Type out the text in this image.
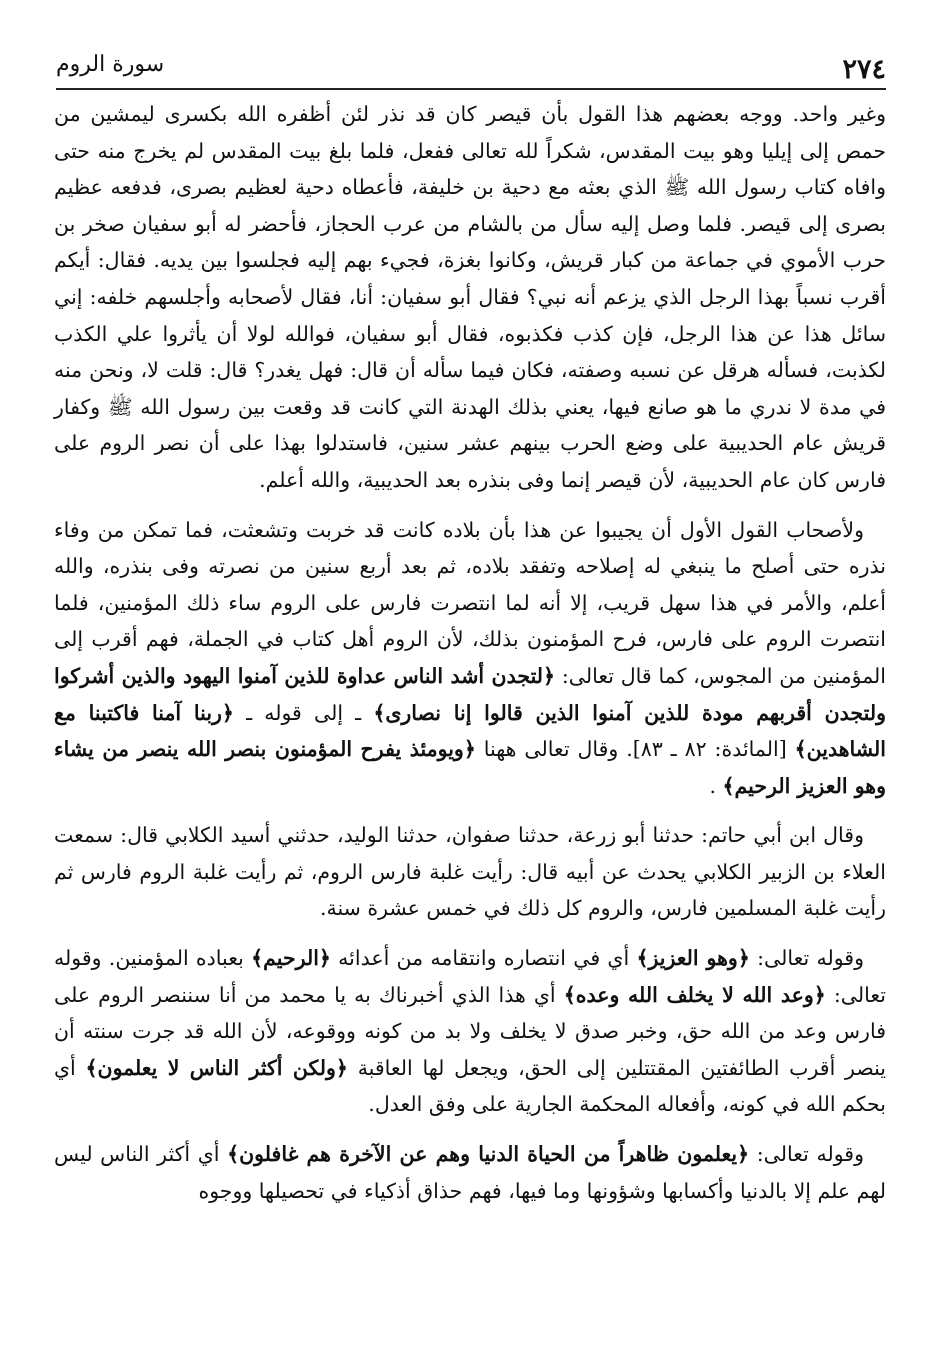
٢٧٤
سورة الروم

وغير واحد. ووجه بعضهم هذا القول بأن قيصر كان قد نذر لئن أظفره الله بكسرى ليمشين من حمص إلى إيليا وهو بيت المقدس، شكراً لله تعالى ففعل، فلما بلغ بيت المقدس لم يخرج منه حتى وافاه كتاب رسول الله ﷺ الذي بعثه مع دحية بن خليفة، فأعطاه دحية لعظيم بصرى، فدفعه عظيم بصرى إلى قيصر. فلما وصل إليه سأل من بالشام من عرب الحجاز، فأحضر له أبو سفيان صخر بن حرب الأموي في جماعة من كبار قريش، وكانوا بغزة، فجيء بهم إليه فجلسوا بين يديه. فقال: أيكم أقرب نسباً بهذا الرجل الذي يزعم أنه نبي؟ فقال أبو سفيان: أنا، فقال لأصحابه وأجلسهم خلفه: إني سائل هذا عن هذا الرجل، فإن كذب فكذبوه، فقال أبو سفيان، فوالله لولا أن يأثروا علي الكذب لكذبت، فسأله هرقل عن نسبه وصفته، فكان فيما سأله أن قال: فهل يغدر؟ قال: قلت لا، ونحن منه في مدة لا ندري ما هو صانع فيها، يعني بذلك الهدنة التي كانت قد وقعت بين رسول الله ﷺ وكفار قريش عام الحديبية على وضع الحرب بينهم عشر سنين، فاستدلوا بهذا على أن نصر الروم على فارس كان عام الحديبية، لأن قيصر إنما وفى بنذره بعد الحديبية، والله أعلم.

ولأصحاب القول الأول أن يجيبوا عن هذا بأن بلاده كانت قد خربت وتشعثت، فما تمكن من وفاء نذره حتى أصلح ما ينبغي له إصلاحه وتفقد بلاده، ثم بعد أربع سنين من نصرته وفى بنذره، والله أعلم، والأمر في هذا سهل قريب، إلا أنه لما انتصرت فارس على الروم ساء ذلك المؤمنين، فلما انتصرت الروم على فارس، فرح المؤمنون بذلك، لأن الروم أهل كتاب في الجملة، فهم أقرب إلى المؤمنين من المجوس، كما قال تعالى: ﴿لتجدن أشد الناس عداوة للذين آمنوا اليهود والذين أشركوا ولتجدن أقربهم مودة للذين آمنوا الذين قالوا إنا نصارى﴾ ـ إلى قوله ـ ﴿ربنا آمنا فاكتبنا مع الشاهدين﴾ [المائدة: ٨٢ ـ ٨٣]. وقال تعالى ههنا ﴿ويومئذ يفرح المؤمنون بنصر الله ينصر من يشاء وهو العزيز الرحيم﴾ .

وقال ابن أبي حاتم: حدثنا أبو زرعة، حدثنا صفوان، حدثنا الوليد، حدثني أسيد الكلابي قال: سمعت العلاء بن الزبير الكلابي يحدث عن أبيه قال: رأيت غلبة فارس الروم، ثم رأيت غلبة الروم فارس ثم رأيت غلبة المسلمين فارس، والروم كل ذلك في خمس عشرة سنة.

وقوله تعالى: ﴿وهو العزيز﴾ أي في انتصاره وانتقامه من أعدائه ﴿الرحيم﴾ بعباده المؤمنين. وقوله تعالى: ﴿وعد الله لا يخلف الله وعده﴾ أي هذا الذي أخبرناك به يا محمد من أنا سننصر الروم على فارس وعد من الله حق، وخبر صدق لا يخلف ولا بد من كونه ووقوعه، لأن الله قد جرت سنته أن ينصر أقرب الطائفتين المقتتلين إلى الحق، ويجعل لها العاقبة ﴿ولكن أكثر الناس لا يعلمون﴾ أي بحكم الله في كونه، وأفعاله المحكمة الجارية على وفق العدل.

وقوله تعالى: ﴿يعلمون ظاهراً من الحياة الدنيا وهم عن الآخرة هم غافلون﴾ أي أكثر الناس ليس لهم علم إلا بالدنيا وأكسابها وشؤونها وما فيها، فهم حذاق أذكياء في تحصيلها ووجوه
